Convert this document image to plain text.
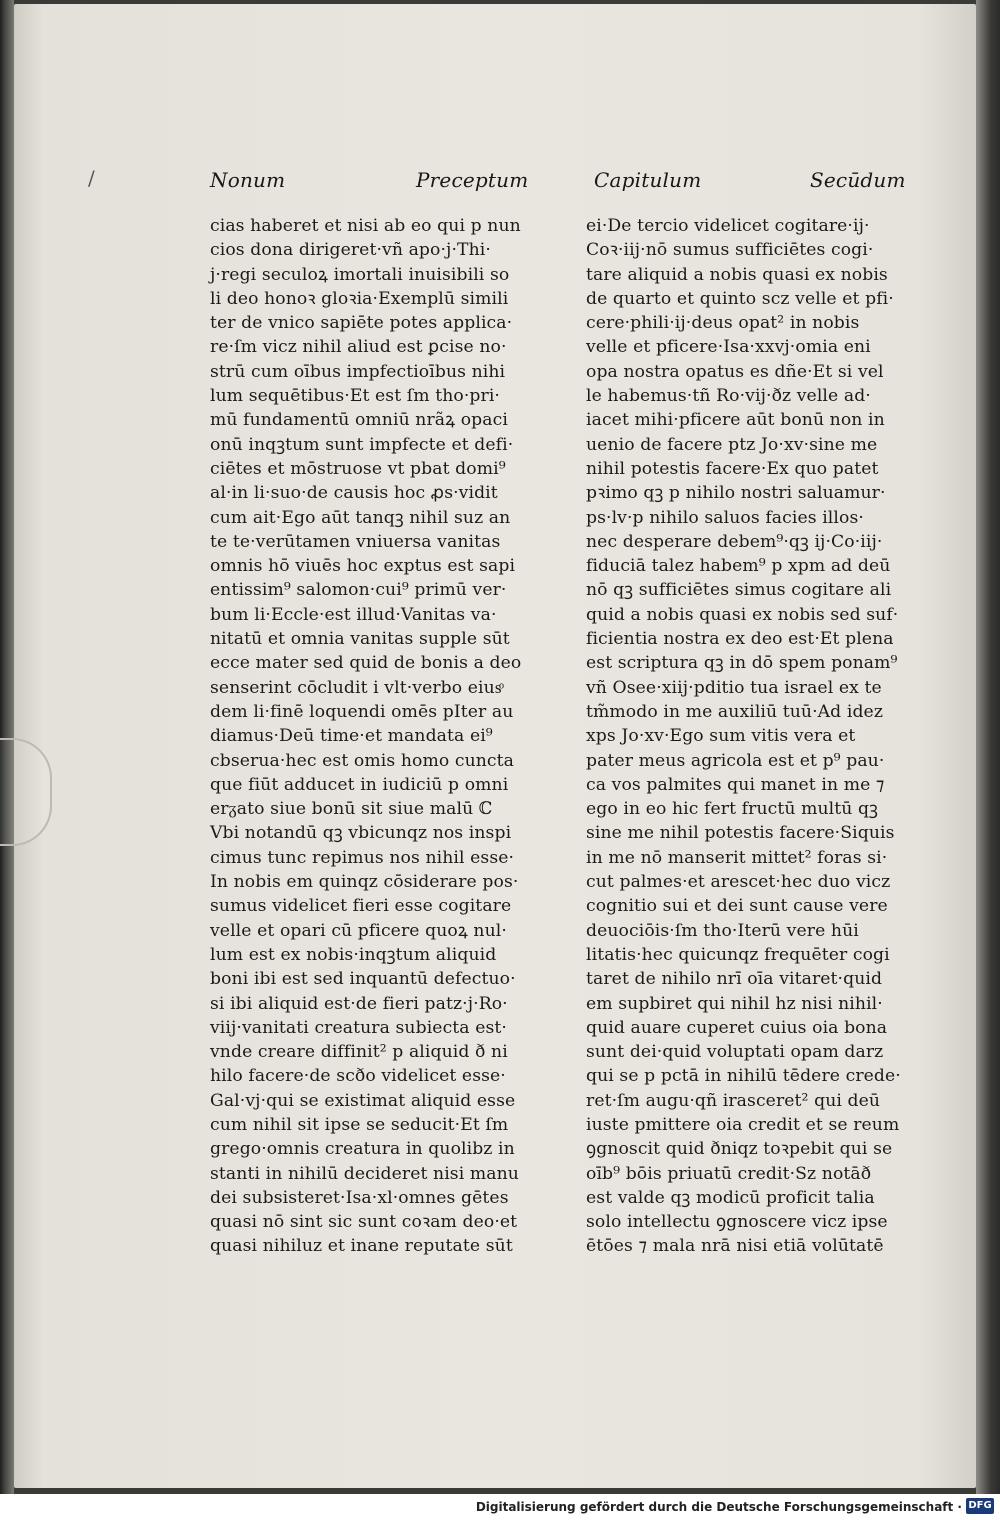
/	Nonum	Preceptum	Capitulum	Secūdum
cias haberet et nisi ab eo qui p nun
cios dona dirigeret·vñ apo·j·Thi·
j·regi seculoꝝ imortali inuisibili so
li deo honoꝛ gloꝛia·Exemplū simili
ter de vnico sapiēte potes applica·
re·ſm vicz nihil aliud est ꝑcise no·
strū cum oībus impfectioībus nihi
lum sequētibus·Et est ſm tho·pri·
mū fundamentū omniū nrãꝝ opaci
onū inqꝫtum sunt impfecte et defi·
ciētes et mōstruose vt pbat domi⁹
al·in li·suo·de causis hoc ꝓs·vidit
cum ait·Ego aūt tanqꝫ nihil suz an
te te·verūtamen vniuersa vanitas
omnis hō viuēs hoc exptus est sapi
entissim⁹ salomon·cui⁹ primū ver·
bum li·Eccle·est illud·Vanitas va·
nitatū et omnia vanitas supple sūt
ecce mater sed quid de bonis a deo
senserint cōcludit i vlt·verbo eiusͦ
dem li·finē loquendi omēs pIter au
diamus·Deū time·et mandata ei⁹
cbserua·hec est omis homo cuncta
que fiūt adducet in iudiciū p omni
erᵹato siue bonū sit siue malū ℂ
Vbi notandū qꝫ vbicunqz nos inspi
cimus tunc repimus nos nihil esse·
In nobis em quinqz cōsiderare pos·
sumus videlicet fieri esse cogitare
velle et opari cū pficere quoꝝ nul·
lum est ex nobis·inqꝫtum aliquid
boni ibi est sed inquantū defectuo·
si ibi aliquid est·de fieri patz·j·Ro·
viij·vanitati creatura subiecta est·
vnde creare diffinit² p aliquid ð ni
hilo facere·de scðo videlicet esse·
Gal·vj·qui se existimat aliquid esse
cum nihil sit ipse se seducit·Et ſm
grego·omnis creatura in quolibz in
stanti in nihilū decideret nisi manu
dei subsisteret·Isa·xl·omnes gētes
quasi nō sint sic sunt coꝛam deo·et
quasi nihiluz et inane reputate sūt
ei·De tercio videlicet cogitare·ij·
Coꝛ·iij·nō sumus sufficiētes cogi·
tare aliquid a nobis quasi ex nobis
de quarto et quinto scz velle et pfi·
cere·phili·ij·deus opat² in nobis
velle et pficere·Isa·xxvj·omia eni
opa nostra opatus es dñe·Et si vel
le habemus·tñ Ro·vij·ðz velle ad·
iacet mihi·pficere aūt bonū non in
uenio de facere ptz Jo·xv·sine me
nihil potestis facere·Ex quo patet
pꝛimo qꝫ p nihilo nostri saluamur·
ps·lv·p nihilo saluos facies illos·
nec desperare debem⁹·qꝫ ij·Co·iij·
fiduciā talez habem⁹ p xpm ad deū
nō qꝫ sufficiētes simus cogitare ali
quid a nobis quasi ex nobis sed suf·
ficientia nostra ex deo est·Et plena
est scriptura qꝫ in dō spem ponam⁹
vñ Osee·xiij·pditio tua israel ex te
tm̃modo in me auxiliū tuū·Ad idez
xps Jo·xv·Ego sum vitis vera et
pater meus agricola est et p⁹ pau·
ca vos palmites qui manet in me ⁊
ego in eo hic fert fructū multū qꝫ
sine me nihil potestis facere·Siquis
in me nō manserit mittet² foras si·
cut palmes·et arescet·hec duo vicz
cognitio sui et dei sunt cause vere
deuociōis·ſm tho·Iterū vere hūi
litatis·hec quicunqz frequēter cogi
taret de nihilo nrī oīa vitaret·quid
em supbiret qui nihil hz nisi nihil·
quid auare cuperet cuius oia bona
sunt dei·quid voluptati opam darz
qui se p pctā in nihilū tēdere crede·
ret·ſm augu·qñ irasceret² qui deū
iuste pmittere oia credit et se reum
ꝯgnoscit quid ðniqz toꝛpebit qui se
oīb⁹ bōis priuatū credit·Sz notāð
est valde qꝫ modicū proficit talia
solo intellectu ꝯgnoscere vicz ipse
ētōes ⁊ mala nrā nisi etiā volūtatē
Digitalisierung gefördert durch die Deutsche Forschungsgemeinschaft · DFG
